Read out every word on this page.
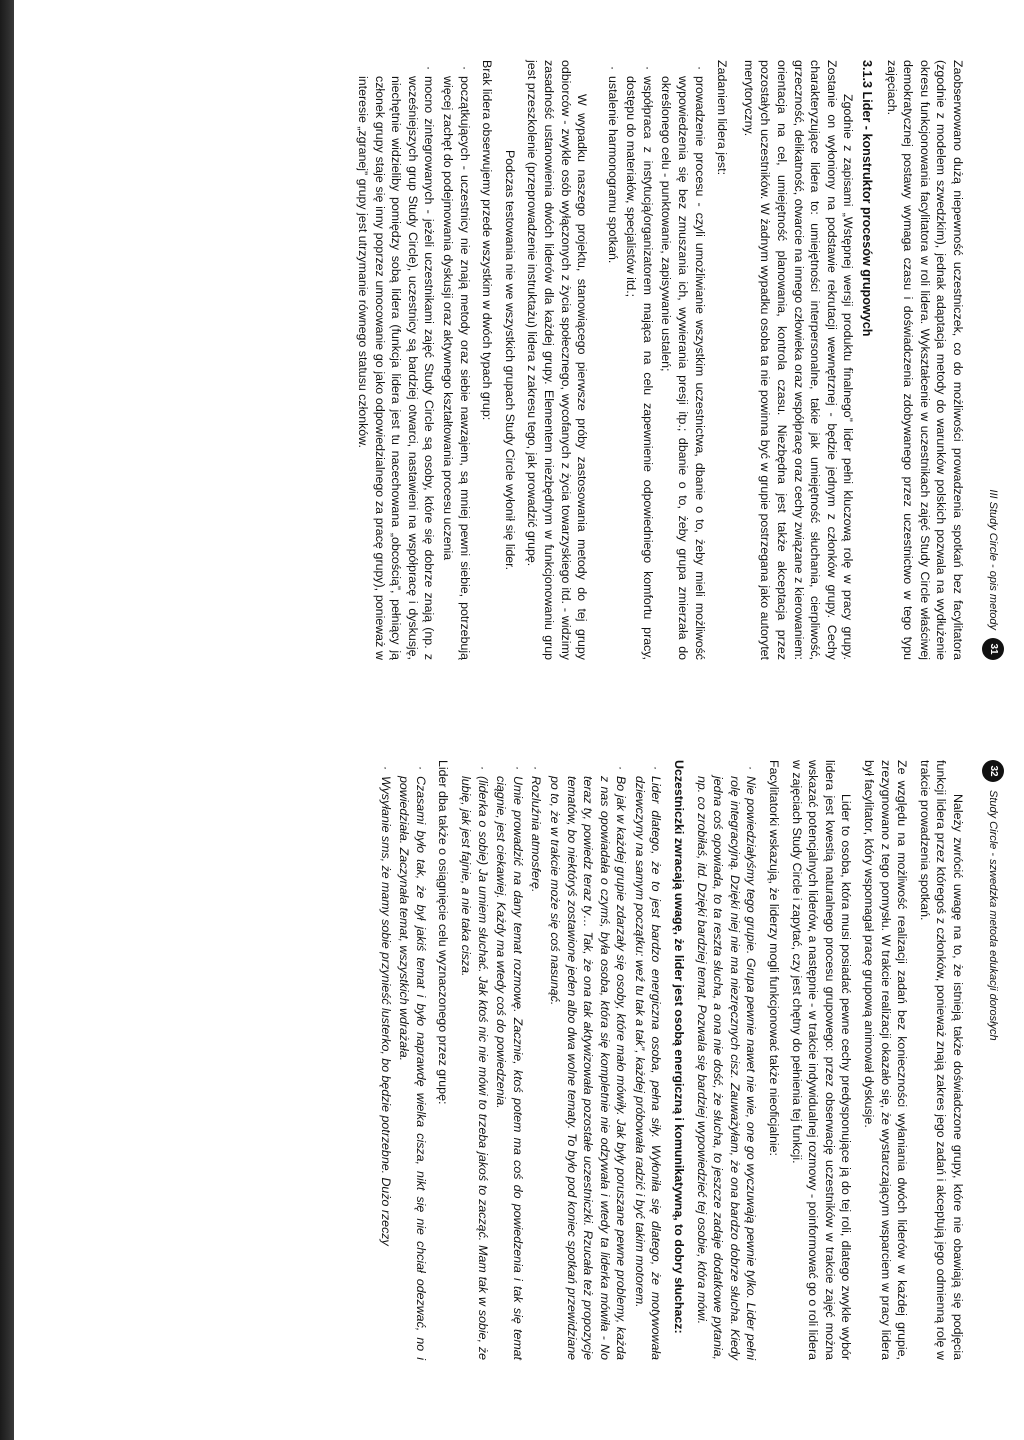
III Study Circle - opis metody
31

Zaobserwowano dużą niepewność uczestniczek, co do możliwości prowadzenia spotkań bez facylitatora (zgodnie z modelem szwedzkim), jednak adaptacja metody do warunków polskich pozwala na wydłużenie okresu funkcjonowania facylitatora w roli lidera. Wykształcenie w uczestnikach zajęć Study Circle właściwej demokratycznej postawy wymaga czasu i doświadczenia zdobywanego przez uczestnictwo w tego typu zajęciach.

3.1.3 Lider - konstruktor procesów grupowych

Zgodnie z zapisami „Wstępnej wersji produktu finalnego” lider pełni kluczową rolę w pracy grupy. Zostanie on wyłoniony na podstawie rekrutacji wewnętrznej - będzie jednym z członków grupy. Cechy charakteryzujące lidera to: umiejętności interpersonalne, takie jak umiejętność słuchania, cierpliwość, grzeczność, delikatność, otwarcie na innego człowieka oraz współpracę oraz cechy związane z kierowaniem: orientacja na cel, umiejętność planowania, kontrola czasu. Niezbędna jest także akceptacja przez pozostałych uczestników. W żadnym wypadku osoba ta nie powinna być w grupie postrzegana jako autorytet merytoryczny.

Zadaniem lidera jest:

· prowadzenie procesu - czyli umożliwianie wszystkim uczestnictwa, dbanie o to, żeby mieli możliwość wypowiedzenia się bez zmuszania ich, wywierania presji itp.; dbanie o to, żeby grupa zmierzała do określonego celu - punktowanie, zapisywanie ustaleń;
· współpraca z instytucją/organizatorem mająca na celu zapewnienie odpowiedniego komfortu pracy, dostępu do materiałów, specjalistów itd.;
· ustalenie harmonogramu spotkań.

W wypadku naszego projektu, stanowiącego pierwsze próby zastosowania metody do tej grupy odbiorców - zwykle osób wyłączonych z życia społecznego, wycofanych z życia towarzyskiego itd. - widzimy zasadność ustanowienia dwóch liderów dla każdej grupy. Elementem niezbędnym w funkcjonowaniu grup jest przeszkolenie (przeprowadzenie instruktażu) lidera z zakresu tego, jak prowadzić grupę.

Podczas testowania nie we wszystkich grupach Study Circle wyłonił się lider.

Brak lidera obserwujemy przede wszystkim w dwóch typach grup:

· początkujących - uczestnicy nie znają metody oraz siebie nawzajem, są mniej pewni siebie, potrzebują więcej zachęt do podejmowania dyskusji oraz aktywnego kształtowania procesu uczenia
· mocno zintegrowanych - jeżeli uczestnikami zajęć Study Circle są osoby, które się dobrze znają (np. z wcześniejszych grup Study Circle), uczestnicy są bardziej otwarci, nastawieni na współpracę i dyskusję, niechętnie widzieliby pomiędzy sobą lidera (funkcja lidera jest tu nacechowana „obcością”, pełniący ją członek grupy staje się inny poprzez umocowanie go jako odpowiedzialnego za pracę grupy), ponieważ w interesie „zgranej” grupy jest utrzymanie równego statusu członków.
32
Study Circle - szwedzka metoda edukacji dorosłych

Należy zwrócić uwagę na to, że istnieją także doświadczone grupy, które nie obawiają się podjęcia funkcji lidera przez któregoś z członków, ponieważ znają zakres jego zadań i akceptują jego odmienną rolę w trakcie prowadzenia spotkań.

Ze względu na możliwość realizacji zadań bez konieczności wyłaniania dwóch liderów w każdej grupie, zrezygnowano z tego pomysłu. W trakcie realizacji okazało się, że wystarczającym wsparciem w pracy lidera był facylitator, który wspomagał pracę grupową animował dyskusje.

Lider to osoba, która musi posiadać pewne cechy predysponujące ją do tej roli, dlatego zwykle wybór lidera jest kwestią naturalnego procesu grupowego: przez obserwację uczestników w trakcie zajęć można wskazać potencjalnych liderów, a następnie - w trakcie indywidualnej rozmowy - poinformować go o roli lidera w zajęciach Study Circle i zapytać, czy jest chętny do pełnienia tej funkcji.

Facylitatorki wskazują, że liderzy mogli funkcjonować także nieoficjalnie:

· Nie powiedziałyśmy tego grupie. Grupa pewnie nawet nie wie, one go wyczuwają pewnie tylko. Lider pełni rolę integracyjną. Dzięki niej nie ma niezręcznych cisz. Zauważyłam, że ona bardzo dobrze słucha. Kiedy jedna coś opowiada, to ta reszta słucha, a ona nie dość, że słucha, to jeszcze zadaje dodatkowe pytania, np. co zrobiłaś, itd. Dzięki bardziej temat. Pozwala się bardziej wypowiedzieć tej osobie, która mówi.

Uczestniczki zwracają uwagę, że lider jest osobą energiczną i komunikatywną, to dobry słuchacz:

· Lider dlatego, że to jest bardzo energiczna osoba, pełna siły. Wyłoniła się dlatego, że motywowała dziewczyny na samym początku: weź tu tak a tak”, każdej próbowała radzić i być takim motorem.
· Bo jak w każdej grupie zdarzały się osoby, które mało mówiły. Jak były poruszane pewne problemy, każda z nas opowiadała o czymś, była osoba, która się kompletnie nie odzywała i wtedy ta liderka mówiła - No teraz ty, powiedz teraz ty… Tak, że ona tak aktywizowała pozostałe uczestniczki. Rzucała też propozycje tematów, bo niektóryś zostawione jeden albo dwa wolne tematy. To było pod koniec spotkań przewidziane po to, że w trakcie może się coś nasunąć.
· Rozluźnia atmosferę.
· Umie prowadzić na dany temat rozmowę. Zacznie, ktoś potem ma coś do powiedzenia i tak się temat ciągnie, jest ciekawiej. Każdy ma wtedy coś do powiedzenia.
· (liderka o sobie) Ja umiem słuchać. Jak ktoś nic nie mówi to trzeba jakoś to zacząć. Mam tak w sobie, że lubię, jak jest fajnie, a nie taka cisza.

Lider dba także o osiągnięcie celu wyznaczonego przez grupę:

· Czasami było tak, że był jakiś temat i było naprawdę wielka cisza, nikt się nie chciał odezwać, no i powiedziała. Zaczynała temat, wszystkich wdrażała.
· Wysyłanie sms, że mamy sobie przynieść lusterko, bo będzie potrzebne. Dużo rzeczy
